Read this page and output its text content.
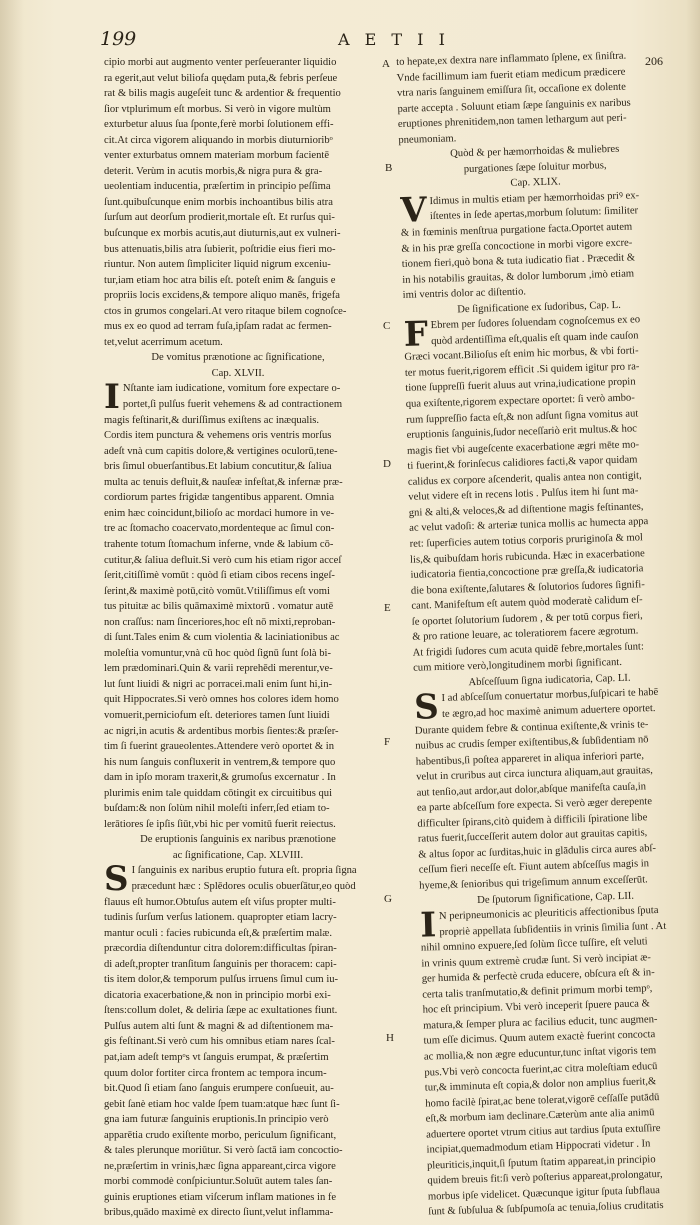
199	A E T I I
206
A
B
C
D
E
F
G
H
cipio morbi aut augmento venter perſeueranter liquidio
ra egerit,aut velut biliofa quędam puta,& febris perſeue
rat & bilis magis augeſeit tunc & ardentior & frequentio
ſior vtplurimum eſt morbus. Si verò in vigore multùm
exturbetur aluus ſua ſponte,ferè morbi ſolutionem effi-
cit.At circa vigorem aliquando in morbis diuturnioribᵒ
venter exturbatus omnem materiam morbum facientē
deterit. Verùm in acutis morbis,& nigra pura & gra-
ueolentiam inducentia, præſertim in principio peſſima
ſunt.quibuſcunque enim morbis inchoantibus bilis atra
ſurſum aut deorſum prodierit,mortale eſt. Et rurſus qui-
buſcunque ex morbis acutis,aut diuturnis,aut ex vulneri-
bus attenuatis,bilis atra ſubierit, poſtridie eius fieri mo-
riuntur. Non autem ſimpliciter liquid nigrum exceniu-
tur,iam etiam hoc atra bilis eſt. poteſt enim & ſanguis e
propriis locis excidens,& tempore aliquo manēs, frigefa
ctos in grumos congelari.At vero ritaque bilem cognoſce-
mus ex eo quod ad terram fuſa,ipſam radat ac fermen-
tet,velut acerrimum acetum.
De vomitus prænotione ac ſignificatione,
Cap. XLVII.
I Nſtante iam iudicatione, vomitum fore expectare o-
portet,ſi pulſus fuerit vehemens & ad contractionem
magis feſtinarit,& duriſſimus exiſtens ac inæqualis.
Cordis item punctura & vehemens oris ventris morſus
adeſt vnà cum capitis dolore,& vertigines oculorū,tene-
bris ſimul obuerſantibus.Et labium concutitur,& ſaliua
multa ac tenuis defluit,& nauſeæ infeſtat,& infernæ præ-
cordiorum partes frigidæ tangentibus apparent. Omnia
enim hæc coincidunt,bilioſo ac mordaci humore in ve-
tre ac ſtomacho coacervato,mordenteque ac ſimul con-
trahente totum ſtomachum inferne, vnde & labium cō-
cutitur,& ſaliua defluit.Si verò cum his etiam rigor acceſ
ſerit,citiſſimè vomūt : quòd ſi etiam cibos recens ingeſ-
ſerint,& maximè potū,citò vomūt.Vtiliſſimus eſt vomi
tus pituitæ ac bilis quāmaximè mixtorū . vomatur autē
non craſſus: nam ſinceriores,hoc eſt nō mixti,reproban-
di ſunt.Tales enim & cum violentia & laciniationibus ac
moleſtia vomuntur,vnà cū hoc quòd ſignū ſunt ſolà bi-
lem prædominari.Quin & varii reprehēdi merentur,ve-
lut ſunt liuidi & nigri ac porracei.mali enim ſunt hi,in-
quit Hippocrates.Si verò omnes hos colores idem homo
vomuerit,perniciofum eſt. deteriores tamen ſunt liuidi
ac nigri,in acutis & ardentibus morbis ſientes:& præſer-
tim ſi fuerint graueolentes.Attendere verò oportet & in
his num ſanguis confluxerit in ventrem,& tempore quo
dam in ipſo moram traxerit,& grumoſus excernatur . In
plurimis enim tale quiddam cōtingit ex circuitibus qui
buſdam:& non ſolùm nihil moleſti inferr,ſed etiam to-
lerātiores ſe ipſis ſiūt,vbi hic per vomitū fuerit reiectus.
De eruptionis ſanguinis ex naribus prænotione
ac ſignificatione, Cap. XLVIII.
S I ſanguinis ex naribus eruptio futura eſt. propria ſigna
præcedunt hæc : Splēdores oculis obuerſātur,eo quòd
flauus eſt humor.Obtuſus autem eſt viſus propter multi-
tudinis ſurſum verſus lationem. quapropter etiam lacry-
mantur oculi : facies rubicunda eſt,& præſertim malæ.
præcordia diſtenduntur citra dolorem:difficultas ſpiran-
di adeſt,propter tranſitum ſanguinis per thoracem: capi-
tis item dolor,& temporum pulſus irruens ſimul cum iu-
dicatoria exacerbatione,& non in principio morbi exi-
ſtens:collum dolet, & deliria ſæpe ac exultationes fiunt.
Pulſus autem alti ſunt & magni & ad diſtentionem ma-
gis feſtinant.Si verò cum his omnibus etiam nares ſcal-
pat,iam adeſt tempᵒs vt ſanguis erumpat, & præſertim
quum dolor fortiter circa frontem ac tempora incum-
bit.Quod ſi etiam ſano ſanguis erumpere conſueuit, au-
gebit ſanè etiam hoc valde ſpem tuam:atque hæc ſunt ſi-
gna iam futuræ ſanguinis eruptionis.In principio verò
apparētia crudo exiſtente morbo, periculum ſignificant,
& tales plerunque moriūtur. Si verò ſactā iam concoctio-
ne,præſertim in vrinis,hæc ſigna appareant,circa vigore
morbi commodè conſpiciuntur.Soluūt autem tales ſan-
guinis eruptiones etiam viſcerum inflam mationes in fe
bribus,quādo maximè ex directo ſiunt,velut inflamma-
to hepate,ex dextra nare inflammato ſplene, ex ſiniſtra.
Vnde facillimum iam fuerit etiam medicum prædicere
vtra naris ſanguinem emiſſura ſit, occaſione ex dolente
parte accepta . Soluunt etiam ſæpe ſanguinis ex naribus
eruptiones phrenitidem,non tamen lethargum aut peri-
pneumoniam.
Quòd & per hæmorrhoidas & muliebres
purgationes ſæpe ſoluitur morbus,
Cap. XLIX.
V Idimus in multis etiam per hæmorrhoidas priꝰ ex-
iſtentes in ſede apertas,morbum ſolutum: ſimiliter
& in fœminis menſtrua purgatione facta.Oportet autem
& in his præ greſſa concoctione in morbi vigore excre-
tionem fieri,quò bona & tuta iudicatio fiat . Præcedit &
in his notabilis grauitas, & dolor lumborum ,imò etiam
imi ventris dolor ac diſtentio.
De ſignificatione ex ſudoribus, Cap. L.
F Ebrem per ſudores ſoluendam cognoſcemus ex eo
quòd ardentiſſima eſt,qualis eſt quam inde cauſon
Græci vocant.Bilioſus eſt enim hic morbus, & vbi forti-
ter motus fuerit,rigorem efficit .Si quidem igitur pro ra-
tione ſuppreſſi fuerit aluus aut vrina,iudicatione propin
qua exiſtente,rigorem expectare oportet: ſi verò ambo-
rum ſuppreſſio facta eſt,& non adſunt ſigna vomitus aut
eruptionis ſanguinis,ſudor neceſſariò erit multus.& hoc
magis fiet vbi augeſcente exacerbatione ægri mēte mo-
ti fuerint,& forinſecus calidiores facti,& vapor quidam
calidus ex corpore aſcenderit, qualis antea non contigit,
velut videre eſt in recens lotis . Pulſus item hi ſunt ma-
gni & alti,& veloces,& ad diſtentione magis feſtinantes,
ac velut vadoſi: & arteriæ tunica mollis ac humecta appa
ret: ſuperficies autem totius corporis pruriginoſa & mol
lis,& quibuſdam horis rubicunda. Hæc in exacerbatione
iudicatoria fientia,concoctione præ greſſa,& iudicatoria
die bona exiſtente,ſalutares & ſolutorios ſudores ſignifi-
cant. Manifeſtum eſt autem quòd moderatè calidum eſ-
ſe oportet ſolutorium ſudorem , & per totū corpus fieri,
& pro ratione leuare, ac toleratiorem facere ægrotum.
At frigidi ſudores cum acuta quidē febre,mortales ſunt:
cum mitiore verò,longitudinem morbi ſignificant.
Abſceſſuum ſigna iudicatoria, Cap. LI.
S I ad abſceſſum conuertatur morbus,ſuſpicari te habē
te ægro,ad hoc maximè animum aduertere oportet.
Durante quidem febre & continua exiſtente,& vrinis te-
nuibus ac crudis ſemper exiſtentibus,& ſubſidentiam nō
habentibus,ſi poſtea appareret in aliqua inferiori parte,
velut in cruribus aut circa iunctura aliquam,aut grauitas,
aut tenſio,aut ardor,aut dolor,abſque manifeſta cauſa,in
ea parte abſceſſum fore expecta. Si verò æger derepente
difficulter ſpirans,citò quidem à difficili ſpiratione libe
ratus fuerit,ſucceſſerit autem dolor aut grauitas capitis,
& altus ſopor ac ſurditas,huic in glādulis circa aures abſ-
ceſſum fieri neceſſe eſt. Fiunt autem abſceſſus magis in
hyeme,& ſenioribus qui trigeſimum annum exceſſerūt.
De ſputorum ſignificatione, Cap. LII.
I N peripneumonicis ac pleuriticis affectionibus ſputa
propriè appellata ſubſidentiis in vrinis ſimilia ſunt . At
nihil omnino expuere,ſed ſolùm ſicce tuſſire, eſt veluti
in vrinis quum extremè crudæ ſunt. Si verò incipiat æ-
ger humida & perfectè cruda educere, obſcura eſt & in-
certa talis tranſmutatio,& definit primum morbi tempᵒ,
hoc eſt principium. Vbi verò inceperit ſpuere pauca &
matura,& ſemper plura ac facilius educit, tunc augmen-
tum eſſe dicimus. Quum autem exactè fuerint concocta
ac mollia,& non ægre educuntur,tunc inſtat vigoris tem
pus.Vbi verò concocta fuerint,ac citra moleſtiam educū
tur,& imminuta eſt copia,& dolor non amplius fuerit,&
homo facilè ſpirat,ac bene tolerat,vigorē ceſſaſſe putādū
eſt,& morbum iam declinare.Cæterùm ante alia animū
aduertere oportet vtrum citius aut tardius ſputa extuſſire
incipiat,quemadmodum etiam Hippocrati videtur . In
pleuriticis,inquit,ſi ſputum ſtatim appareat,in principio
quidem breuis fit:ſi verò poſterius appareat,prolongatur,
morbus ipſe videlicet. Quæcunque igitur ſputa ſubflaua
ſunt & ſubſulua & ſubſpumoſa ac tenuia,ſolius cruditatis
